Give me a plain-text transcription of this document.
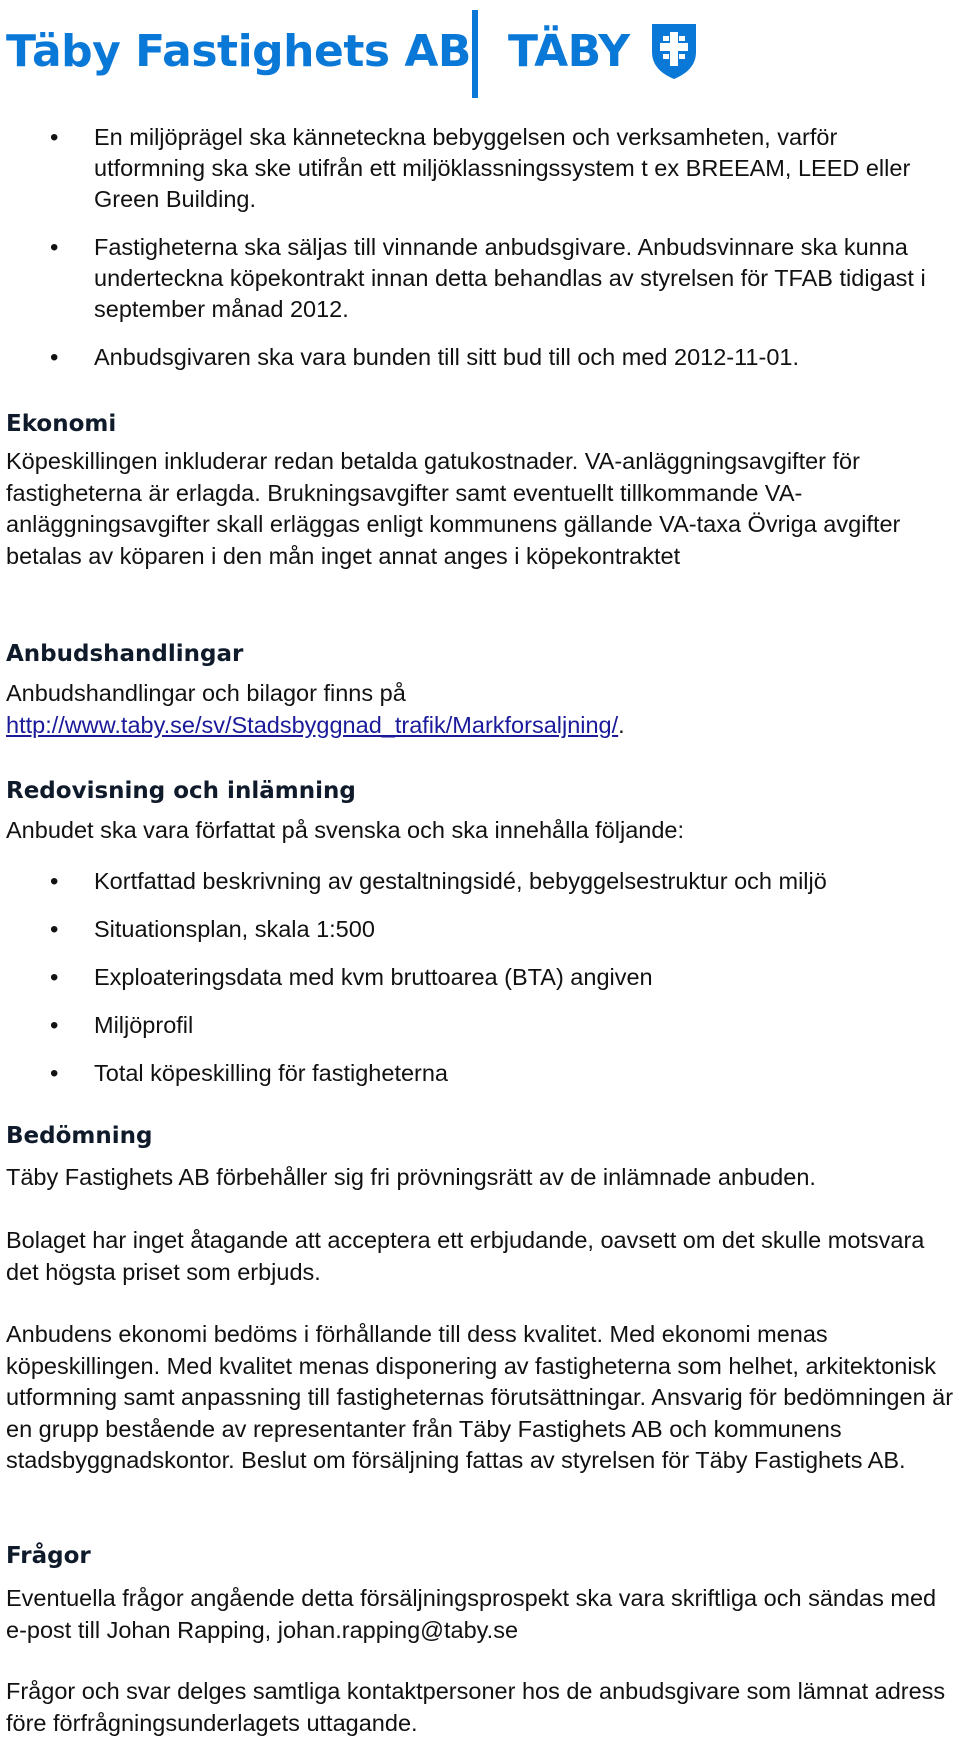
Täby Fastighets AB TÄBY
• En miljöprägel ska känneteckna bebyggelsen och verksamheten, varför utformning ska ske utifrån ett miljöklassningssystem t ex BREEAM, LEED eller Green Building.
• Fastigheterna ska säljas till vinnande anbudsgivare. Anbudsvinnare ska kunna underteckna köpekontrakt innan detta behandlas av styrelsen för TFAB tidigast i september månad 2012.
• Anbudsgivaren ska vara bunden till sitt bud till och med 2012-11-01.
Ekonomi

Köpeskillingen inkluderar redan betalda gatukostnader. VA-anläggningsavgifter för fastigheterna är erlagda. Brukningsavgifter samt eventuellt tillkommande VA-anläggningsavgifter skall erläggas enligt kommunens gällande VA-taxa Övriga avgifter betalas av köparen i den mån inget annat anges i köpekontraktet

Anbudshandlingar

Anbudshandlingar och bilagor finns på
http://www.taby.se/sv/Stadsbyggnad_trafik/Markforsaljning/.

Redovisning och inlämning

Anbudet ska vara författat på svenska och ska innehålla följande:

• Kortfattad beskrivning av gestaltningsidé, bebyggelsestruktur och miljö
• Situationsplan, skala 1:500
• Exploateringsdata med kvm bruttoarea (BTA) angiven
• Miljöprofil
• Total köpeskilling för fastigheterna
Bedömning

Täby Fastighets AB förbehåller sig fri prövningsrätt av de inlämnade anbuden.

Bolaget har inget åtagande att acceptera ett erbjudande, oavsett om det skulle motsvara det högsta priset som erbjuds.

Anbudens ekonomi bedöms i förhållande till dess kvalitet. Med ekonomi menas köpeskillingen. Med kvalitet menas disponering av fastigheterna som helhet, arkitektonisk utformning samt anpassning till fastigheternas förutsättningar. Ansvarig för bedömningen är en grupp bestående av representanter från Täby Fastighets AB och kommunens stadsbyggnadskontor. Beslut om försäljning fattas av styrelsen för Täby Fastighets AB.

Frågor

Eventuella frågor angående detta försäljningsprospekt ska vara skriftliga och sändas med e-post till Johan Rapping, johan.rapping@taby.se

Frågor och svar delges samtliga kontaktpersoner hos de anbudsgivare som lämnat adress före förfrågningsunderlagets uttagande.
